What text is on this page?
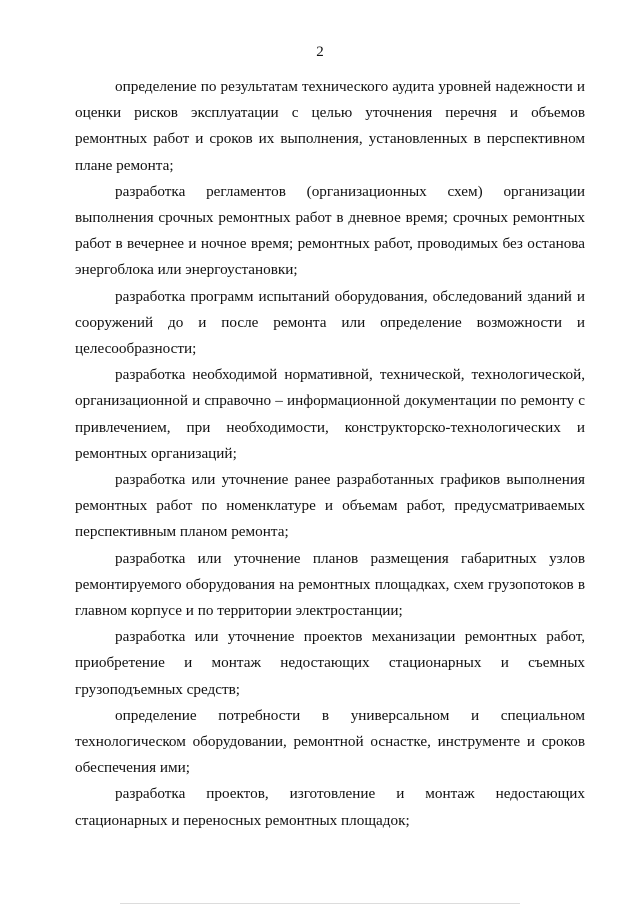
2

определение по результатам технического аудита уровней надежности и оценки рисков эксплуатации с целью уточнения перечня и объемов ремонтных работ и сроков их выполнения, установленных в перспективном плане ремонта;

разработка регламентов (организационных схем) организации выполнения срочных ремонтных работ в дневное время; срочных ремонтных работ в вечернее и ночное время; ремонтных работ, проводимых без останова энергоблока или энергоустановки;

разработка программ испытаний оборудования, обследований зданий и сооружений до и после ремонта или определение возможности и целесообразности;

разработка необходимой нормативной, технической, технологической, организационной и справочно – информационной документации по ремонту с привлечением, при необходимости, конструкторско-технологических и ремонтных организаций;

разработка или уточнение ранее разработанных графиков выполнения ремонтных работ по номенклатуре и объемам работ, предусматриваемых перспективным планом ремонта;

разработка или уточнение планов размещения габаритных узлов ремонтируемого оборудования на ремонтных площадках, схем грузопотоков в главном корпусе и по территории электростанции;

разработка или уточнение проектов механизации ремонтных работ, приобретение и монтаж недостающих стационарных и съемных грузоподъемных средств;

определение потребности в универсальном и специальном технологическом оборудовании, ремонтной оснастке, инструменте и сроков обеспечения ими;

разработка проектов, изготовление и монтаж недостающих стационарных и переносных ремонтных площадок;
